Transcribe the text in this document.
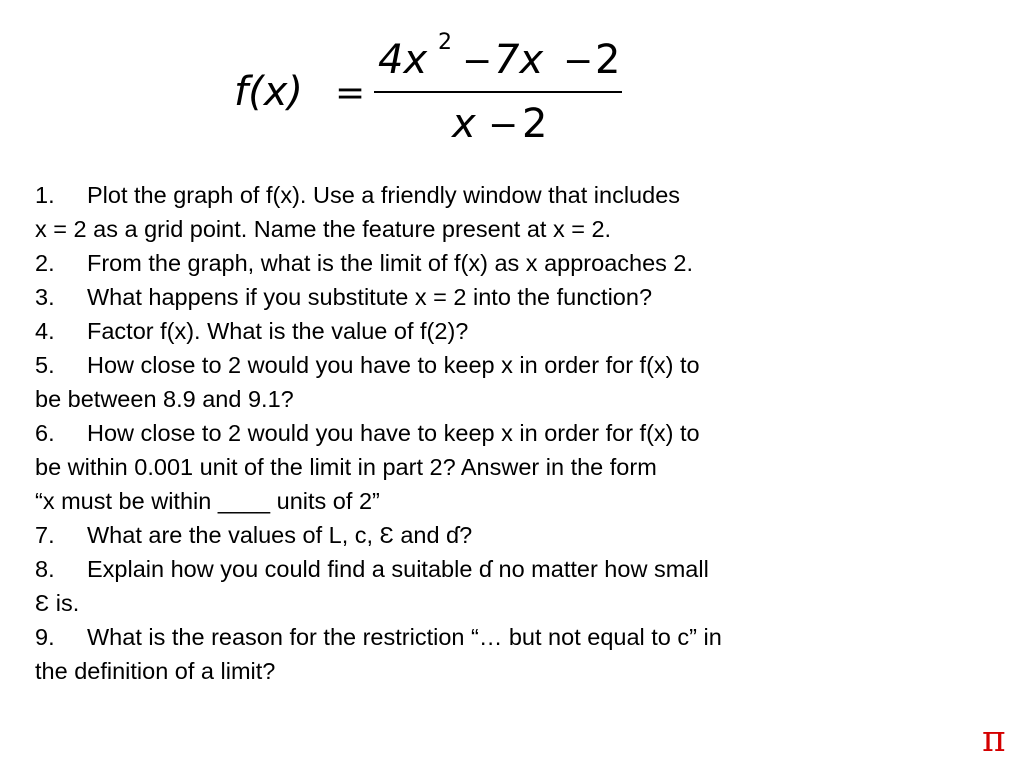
f(x) =
4x 2 − 7x − 2
x − 2
1. Plot the graph of f(x). Use a friendly window that includes
x = 2 as a grid point. Name the feature present at x = 2.
2. From the graph, what is the limit of f(x) as x approaches 2.
3. What happens if you substitute x = 2 into the function?
4. Factor f(x). What is the value of f(2)?
5. How close to 2 would you have to keep x in order for f(x) to
be between 8.9 and 9.1?
6. How close to 2 would you have to keep x in order for f(x) to
be within 0.001 unit of the limit in part 2? Answer in the form
“x must be within ____ units of 2”
7. What are the values of L, c, Ɛ and ɗ?
8. Explain how you could find a suitable ɗ no matter how small
Ɛ is.
9. What is the reason for the restriction “… but not equal to c” in
the definition of a limit?
π
